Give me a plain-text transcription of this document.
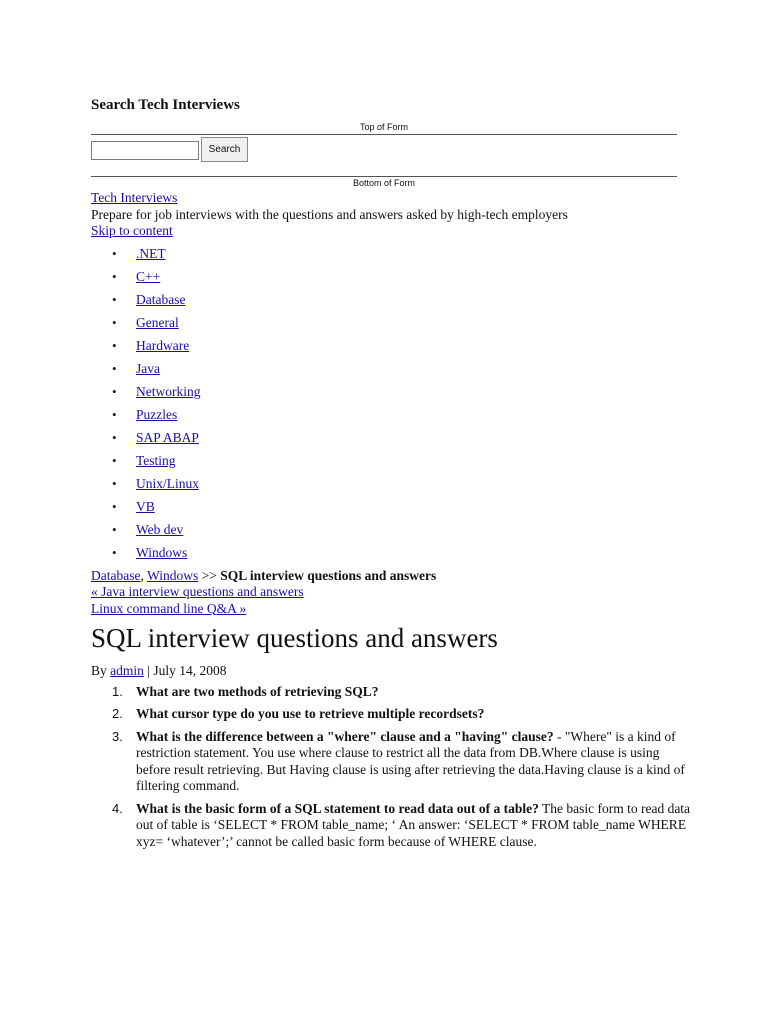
Search Tech Interviews
Top of Form
Search
Bottom of Form
Tech Interviews
Prepare for job interviews with the questions and answers asked by high-tech employers
Skip to content
• .NET
• C++
• Database
• General
• Hardware
• Java
• Networking
• Puzzles
• SAP ABAP
• Testing
• Unix/Linux
• VB
• Web dev
• Windows
Database, Windows >> SQL interview questions and answers
« Java interview questions and answers
Linux command line Q&A »
SQL interview questions and answers
By admin | July 14, 2008
1. What are two methods of retrieving SQL?
2. What cursor type do you use to retrieve multiple recordsets?
3. What is the difference between a "where" clause and a "having" clause? - "Where" is a kind of restriction statement. You use where clause to restrict all the data from DB.Where clause is using before result retrieving. But Having clause is using after retrieving the data.Having clause is a kind of filtering command.
4. What is the basic form of a SQL statement to read data out of a table? The basic form to read data out of table is ‘SELECT * FROM table_name; ‘ An answer: ‘SELECT * FROM table_name WHERE xyz= ‘whatever’;’ cannot be called basic form because of WHERE clause.
